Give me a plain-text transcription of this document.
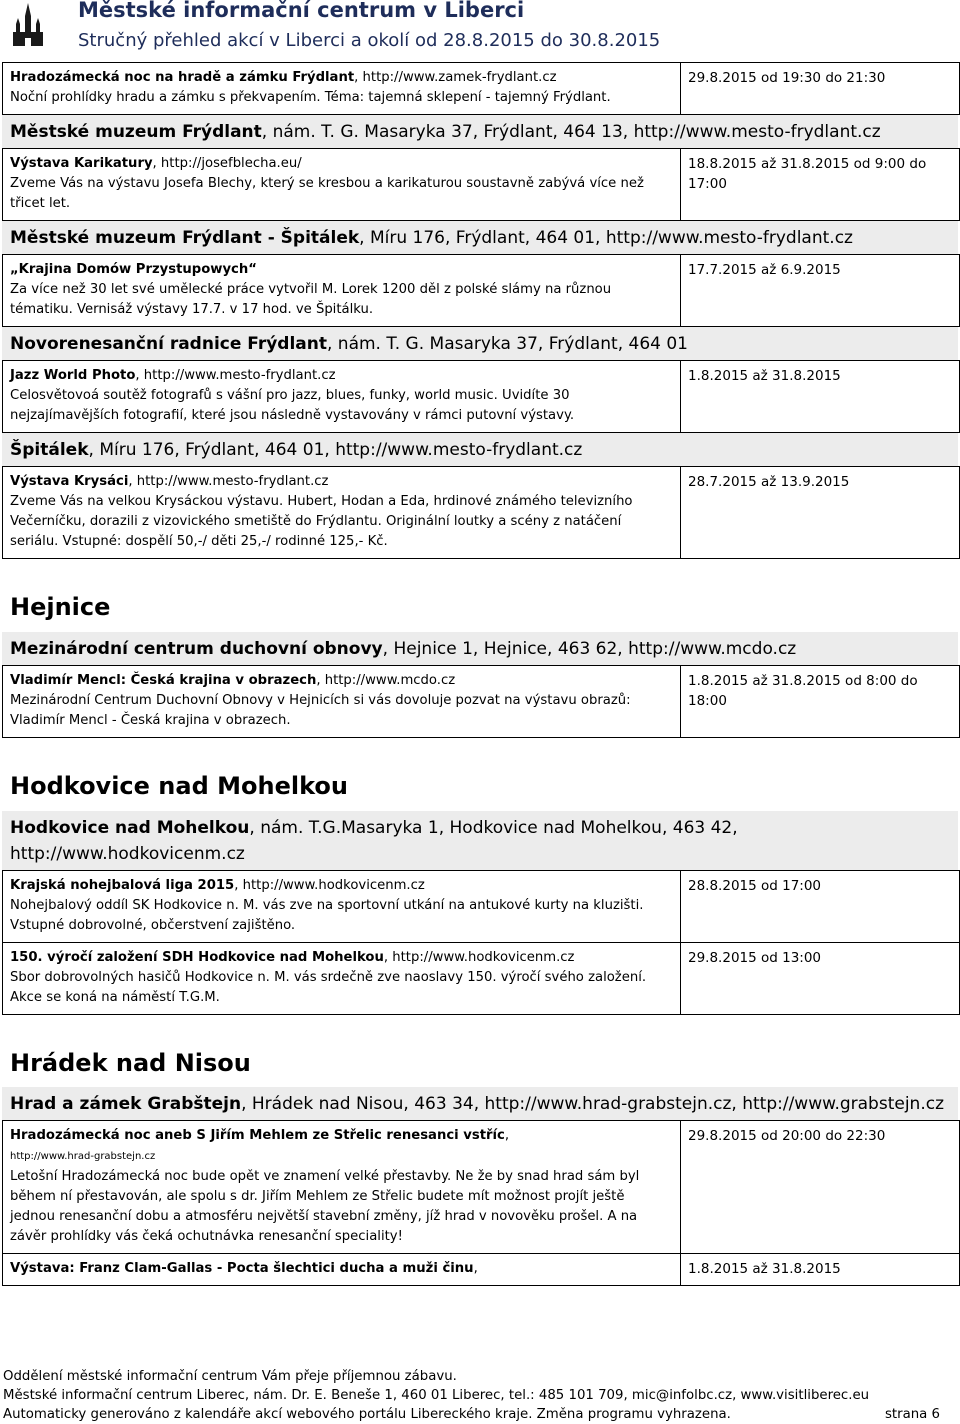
Městské informační centrum v Liberci
Stručný přehled akcí v Liberci a okolí od 28.8.2015 do 30.8.2015
Hradozámecká noc na hradě a zámku Frýdlant, http://www.zamek-frydlant.cz
Noční prohlídky hradu a zámku s překvapením. Téma: tajemná sklepení - tajemný Frýdlant.	29.8.2015 od 19:30 do 21:30
Městské muzeum Frýdlant, nám. T. G. Masaryka 37, Frýdlant, 464 13, http://www.mesto-frydlant.cz
Výstava Karikatury, http://josefblecha.eu/
Zveme Vás na výstavu Josefa Blechy, který se kresbou a karikaturou soustavně zabývá více než třicet let.	18.8.2015 až 31.8.2015 od 9:00 do 17:00
Městské muzeum Frýdlant - Špitálek, Míru 176, Frýdlant, 464 01, http://www.mesto-frydlant.cz
„Krajina Domów Przystupowych“
Za více než 30 let své umělecké práce vytvořil M. Lorek 1200 děl z polské slámy na různou tématiku. Vernisáž výstavy 17.7. v 17 hod. ve Špitálku.	17.7.2015 až 6.9.2015
Novorenesanční radnice Frýdlant, nám. T. G. Masaryka 37, Frýdlant, 464 01
Jazz World Photo, http://www.mesto-frydlant.cz
Celosvětovoá soutěž fotografů s vášní pro jazz, blues, funky, world music. Uvidíte 30 nejzajímavějších fotografií, které jsou následně vystavovány v rámci putovní výstavy.	1.8.2015 až 31.8.2015
Špitálek, Míru 176, Frýdlant, 464 01, http://www.mesto-frydlant.cz
Výstava Krysáci, http://www.mesto-frydlant.cz
Zveme Vás na velkou Krysáckou výstavu. Hubert, Hodan a Eda, hrdinové známého televizního Večerníčku, dorazili z vizovického smetiště do Frýdlantu. Originální loutky a scény z natáčení seriálu. Vstupné: dospělí 50,-/ děti 25,-/ rodinné 125,- Kč.	28.7.2015 až 13.9.2015
Hejnice
Mezinárodní centrum duchovní obnovy, Hejnice 1, Hejnice, 463 62, http://www.mcdo.cz
Vladimír Mencl: Česká krajina v obrazech, http://www.mcdo.cz
Mezinárodní Centrum Duchovní Obnovy v Hejnicích si vás dovoluje pozvat na výstavu obrazů: Vladimír Mencl - Česká krajina v obrazech.	1.8.2015 až 31.8.2015 od 8:00 do 18:00
Hodkovice nad Mohelkou
Hodkovice nad Mohelkou, nám. T.G.Masaryka 1, Hodkovice nad Mohelkou, 463 42, http://www.hodkovicenm.cz
Krajská nohejbalová liga 2015, http://www.hodkovicenm.cz
Nohejbalový oddíl SK Hodkovice n. M. vás zve na sportovní utkání na antukové kurty na kluzišti. Vstupné dobrovolné, občerstvení zajištěno.	28.8.2015 od 17:00
150. výročí založení SDH Hodkovice nad Mohelkou, http://www.hodkovicenm.cz
Sbor dobrovolných hasičů Hodkovice n. M. vás srdečně zve naoslavy 150. výročí svého založení. Akce se koná na náměstí T.G.M.	29.8.2015 od 13:00
Hrádek nad Nisou
Hrad a zámek Grabštejn, Hrádek nad Nisou, 463 34, http://www.hrad-grabstejn.cz, http://www.grabstejn.cz
Hradozámecká noc aneb S Jiřím Mehlem ze Střelic renesanci vstříc,
http://www.hrad-grabstejn.cz
Letošní Hradozámecká noc bude opět ve znamení velké přestavby. Ne že by snad hrad sám byl během ní přestavován, ale spolu s dr. Jiřím Mehlem ze Střelic budete mít možnost projít ještě jednou renesanční dobu a atmosféru největší stavební změny, jíž hrad v novověku prošel. A na závěr prohlídky vás čeká ochutnávka renesanční speciality!	29.8.2015 od 20:00 do 22:30
Výstava: Franz Clam-Gallas - Pocta šlechtici ducha a muži činu,	1.8.2015 až 31.8.2015
Oddělení městské informační centrum Vám přeje příjemnou zábavu.
Městské informační centrum Liberec, nám. Dr. E. Beneše 1, 460 01 Liberec, tel.: 485 101 709, mic@infolbc.cz, www.visitliberec.eu
Automaticky generováno z kalendáře akcí webového portálu Libereckého kraje. Změna programu vyhrazena.	strana 6
